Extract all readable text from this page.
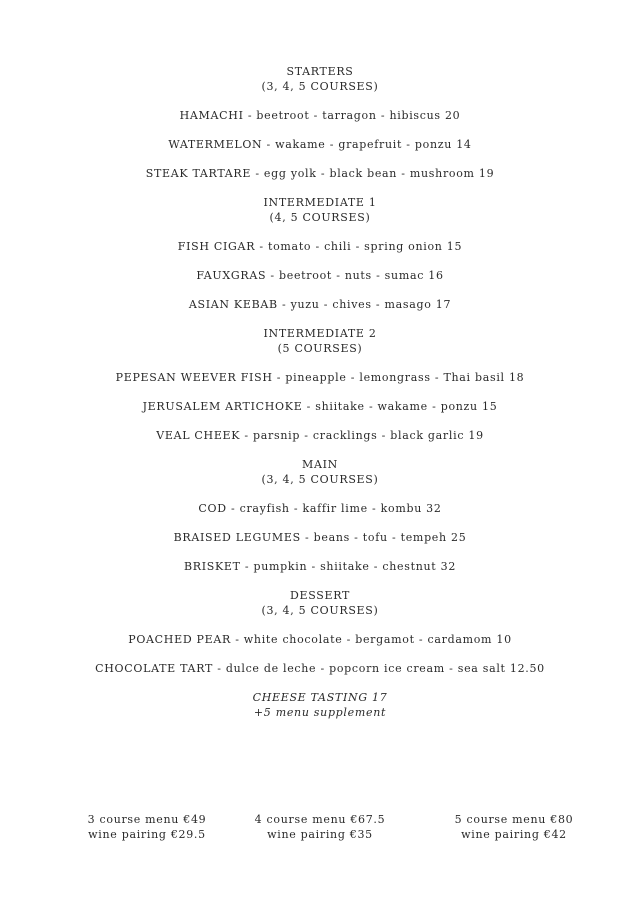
STARTERS
(3, 4, 5 COURSES)
HAMACHI - beetroot - tarragon - hibiscus 20
WATERMELON - wakame - grapefruit - ponzu 14
STEAK TARTARE - egg yolk - black bean - mushroom 19
INTERMEDIATE 1
(4, 5 COURSES)
FISH CIGAR - tomato - chili - spring onion 15
FAUXGRAS - beetroot - nuts - sumac 16
ASIAN KEBAB - yuzu - chives - masago 17
INTERMEDIATE 2
(5 COURSES)
PEPESAN WEEVER FISH - pineapple - lemongrass - Thai basil 18
JERUSALEM ARTICHOKE - shiitake - wakame - ponzu 15
VEAL CHEEK - parsnip - cracklings - black garlic 19
MAIN
(3, 4, 5 COURSES)
COD - crayfish - kaffir lime - kombu 32
BRAISED LEGUMES - beans - tofu - tempeh 25
BRISKET - pumpkin - shiitake - chestnut 32
DESSERT
(3, 4, 5 COURSES)
POACHED PEAR - white chocolate - bergamot - cardamom 10
CHOCOLATE TART - dulce de leche - popcorn ice cream - sea salt 12.50
CHEESE TASTING 17
+5 menu supplement
3 course menu €49
wine pairing €29.5
4 course menu €67.5
wine pairing €35
5 course menu €80
wine pairing €42
